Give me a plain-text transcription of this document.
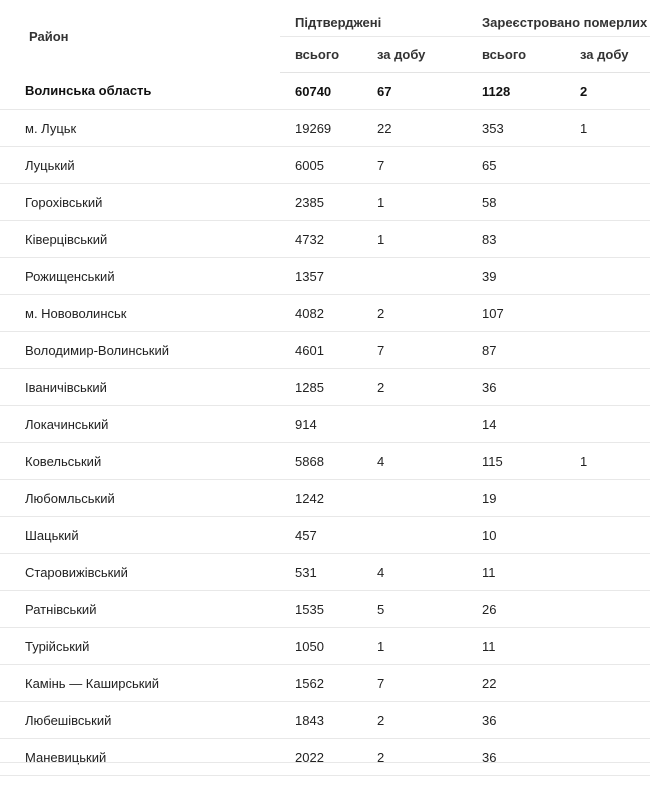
Район	Підтверджені		Зареєстровано померлих	
	всього	за добу	всього	за добу
Волинська область	60740	67	1128	2
м. Луцьк	19269	22	353	1
Луцький	6005	7	65	
Горохівський	2385	1	58	
Ківерцівський	4732	1	83	
Рожищенський	1357		39	
м. Нововолинськ	4082	2	107	
Володимир-Волинський	4601	7	87	
Іваничівський	1285	2	36	
Локачинський	914		14	
Ковельський	5868	4	115	1
Любомльський	1242		19	
Шацький	457		10	
Старовижівський	531	4	11	
Ратнівський	1535	5	26	
Турійський	1050	1	11	
Камінь — Каширський	1562	7	22	
Любешівський	1843	2	36	
Маневицький	2022	2	36	
